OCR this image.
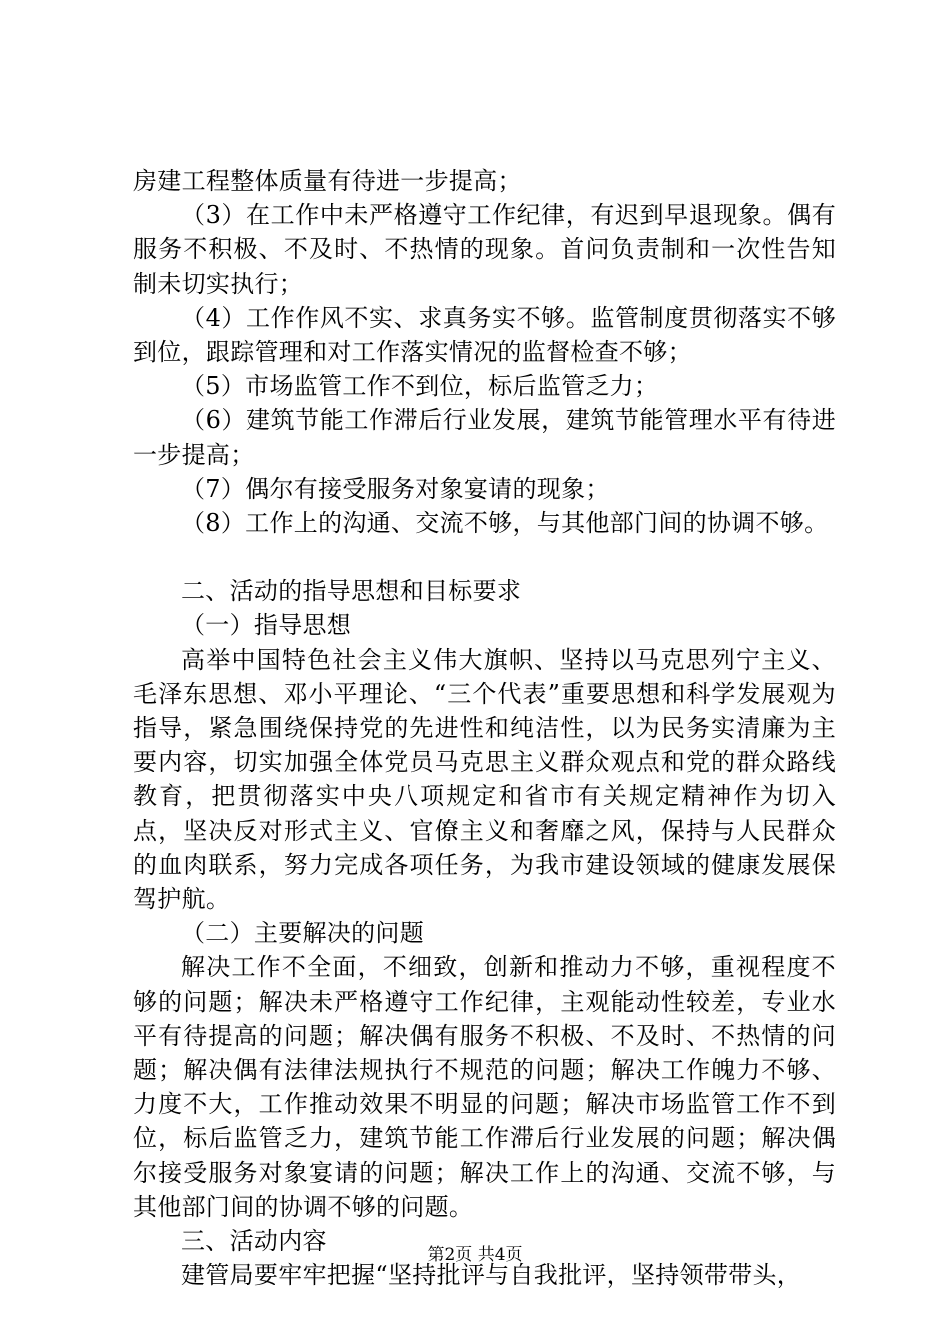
房建工程整体质量有待进一步提高；

（3）在工作中未严格遵守工作纪律，有迟到早退现象。偶有服务不积极、不及时、不热情的现象。首问负责制和一次性告知制未切实执行；

（4）工作作风不实、求真务实不够。监管制度贯彻落实不够到位，跟踪管理和对工作落实情况的监督检查不够；

（5）市场监管工作不到位，标后监管乏力；

（6）建筑节能工作滞后行业发展，建筑节能管理水平有待进一步提高；

（7）偶尔有接受服务对象宴请的现象；

（8）工作上的沟通、交流不够，与其他部门间的协调不够。

二、活动的指导思想和目标要求

（一）指导思想

高举中国特色社会主义伟大旗帜、坚持以马克思列宁主义、毛泽东思想、邓小平理论、“三个代表”重要思想和科学发展观为指导，紧急围绕保持党的先进性和纯洁性，以为民务实清廉为主要内容，切实加强全体党员马克思主义群众观点和党的群众路线教育，把贯彻落实中央八项规定和省市有关规定精神作为切入点，坚决反对形式主义、官僚主义和奢靡之风，保持与人民群众的血肉联系，努力完成各项任务，为我市建设领域的健康发展保驾护航。

（二）主要解决的问题

解决工作不全面，不细致，创新和推动力不够，重视程度不够的问题；解决未严格遵守工作纪律，主观能动性较差，专业水平有待提高的问题；解决偶有服务不积极、不及时、不热情的问题；解决偶有法律法规执行不规范的问题；解决工作魄力不够、力度不大，工作推动效果不明显的问题；解决市场监管工作不到位，标后监管乏力，建筑节能工作滞后行业发展的问题；解决偶尔接受服务对象宴请的问题；解决工作上的沟通、交流不够，与其他部门间的协调不够的问题。

三、活动内容

建管局要牢牢把握“坚持批评与自我批评，坚持领带带头，

第2页 共4页
